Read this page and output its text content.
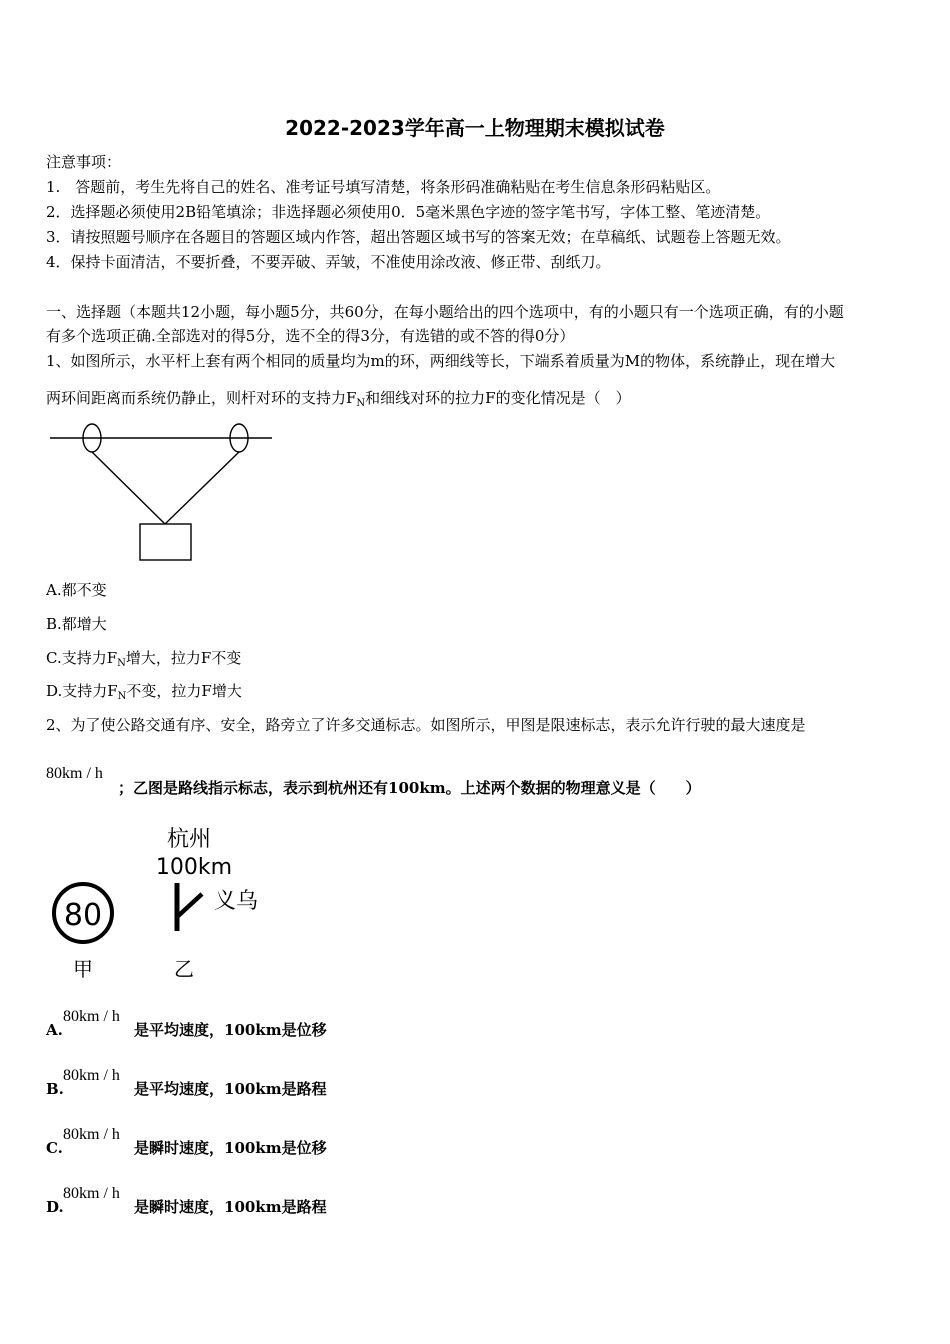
2022-2023学年高一上物理期末模拟试卷
注意事项：
1.　答题前，考生先将自己的姓名、准考证号填写清楚，将条形码准确粘贴在考生信息条形码粘贴区。
2．选择题必须使用2B铅笔填涂；非选择题必须使用0．5毫米黑色字迹的签字笔书写，字体工整、笔迹清楚。
3．请按照题号顺序在各题目的答题区域内作答，超出答题区域书写的答案无效；在草稿纸、试题卷上答题无效。
4．保持卡面清洁，不要折叠，不要弄破、弄皱，不准使用涂改液、修正带、刮纸刀。
一、选择题（本题共12小题，每小题5分，共60分，在每小题给出的四个选项中，有的小题只有一个选项正确，有的小题
有多个选项正确.全部选对的得5分，选不全的得3分，有选错的或不答的得0分）
1、如图所示，水平杆上套有两个相同的质量均为m的环，两细线等长，下端系着质量为M的物体，系统静止，现在增大
两环间距离而系统仍静止，则杆对环的支持力$F_N$和细线对环的拉力F的变化情况是（　）
A.都不变
B.都增大
C.支持力$F_N$增大，拉力F不变
D.支持力$F_N$不变，拉力F增大
2、为了使公路交通有序、安全，路旁立了许多交通标志。如图所示，甲图是限速标志，表示允许行驶的最大速度是
80km / h
；乙图是路线指示标志，表示到杭州还有100km。上述两个数据的物理意义是（　　）
80
甲
杭州
100km
义乌
乙
A.
80km / h
是平均速度，100km是位移
B.
80km / h
是平均速度，100km是路程
C.
80km / h
是瞬时速度，100km是位移
D.
80km / h
是瞬时速度，100km是路程
